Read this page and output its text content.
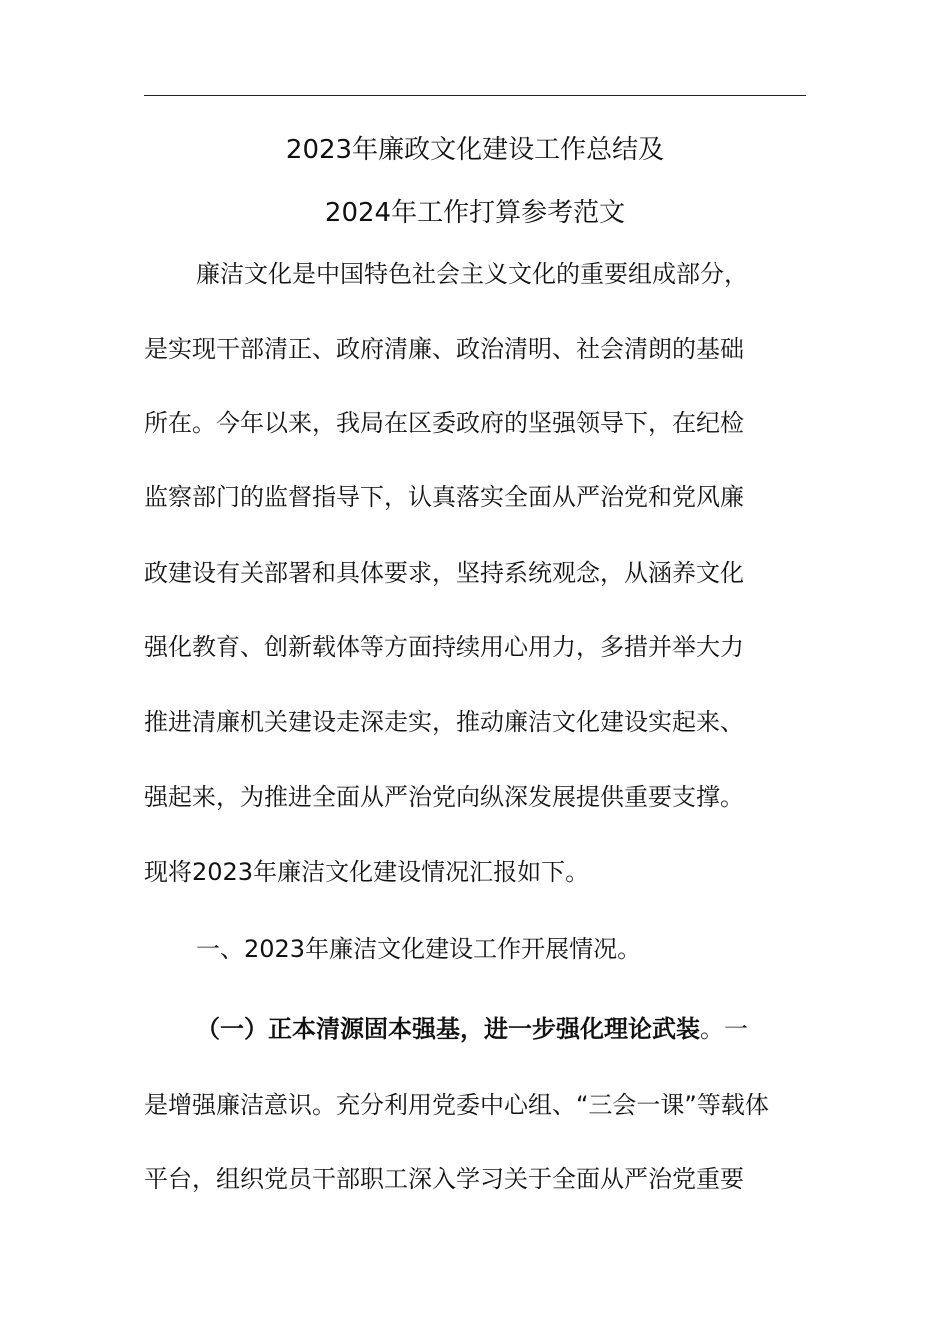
2023年廉政文化建设工作总结及
2024年工作打算参考范文
廉洁文化是中国特色社会主义文化的重要组成部分，
是实现干部清正、政府清廉、政治清明、社会清朗的基础
所在。今年以来，我局在区委政府的坚强领导下，在纪检
监察部门的监督指导下，认真落实全面从严治党和党风廉
政建设有关部署和具体要求，坚持系统观念，从涵养文化
强化教育、创新载体等方面持续用心用力，多措并举大力
推进清廉机关建设走深走实，推动廉洁文化建设实起来、
强起来，为推进全面从严治党向纵深发展提供重要支撑。
现将2023年廉洁文化建设情况汇报如下。
一、2023年廉洁文化建设工作开展情况。
（一）正本清源固本强基，进一步强化理论武装。一
是增强廉洁意识。充分利用党委中心组、“三会一课”等载体
平台，组织党员干部职工深入学习关于全面从严治党重要
